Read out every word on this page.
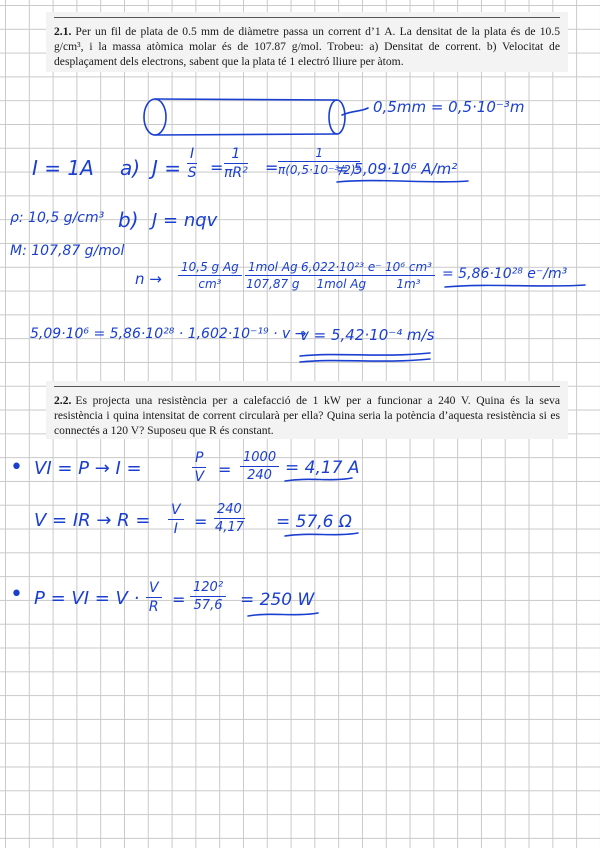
2.1. Per un fil de plata de 0.5 mm de diàmetre passa un corrent d’1 A. La densitat de la plata és de 10.5 g/cm³, i la massa atòmica molar és de 107.87 g/mol. Trobeu: a) Densitat de corrent. b) Velocitat de desplaçament dels electrons, sabent que la plata té 1 electró lliure per àtom.
2.2. Es projecta una resistència per a calefacció de 1 kW per a funcionar a 240 V. Quina és la seva resistència i quina intensitat de corrent circularà per ella? Quina seria la potència d’aquesta resistència si es connectés a 120 V? Suposeu que R és constant.
0,5mm = 0,5·10⁻³m
I = 1A a) $J = \frac{I}{S} = \frac{1}{\text{πR²}} = \frac{1}{\text{π(0,5·10⁻³/2)²}}$
= 5,09·10⁶ A/m²
ρ: 10,5 g/cm³ b) J = nqv
M: 107,87 g/mol
$n \to \frac{\text{10,5 g Ag}}{\text{cm³}} 1mol$ Ag
107,87 g
6,022·10²³ e⁻
1mol Ag	$\frac{\text{10⁶ cm³}}{\text{1m³}} = 5,86\cdot 10^{28}$ e⁻/m³
5,09·10⁶ = 5,86·10²⁸ · 1,602·10⁻¹⁹ · v →
v = 5,42·10⁻⁴ m/s
• VI = P → I =	$\frac{P}{V} = \frac{1000}{240} = 4,17$ A
V = IR → $R = \frac{V}{I} = \frac{240}{4,17} = 57,6$ Ω
• P = VI = $V \cdot \frac{V}{R} = \frac{\text{120²}}{57,6} = 250$ W
